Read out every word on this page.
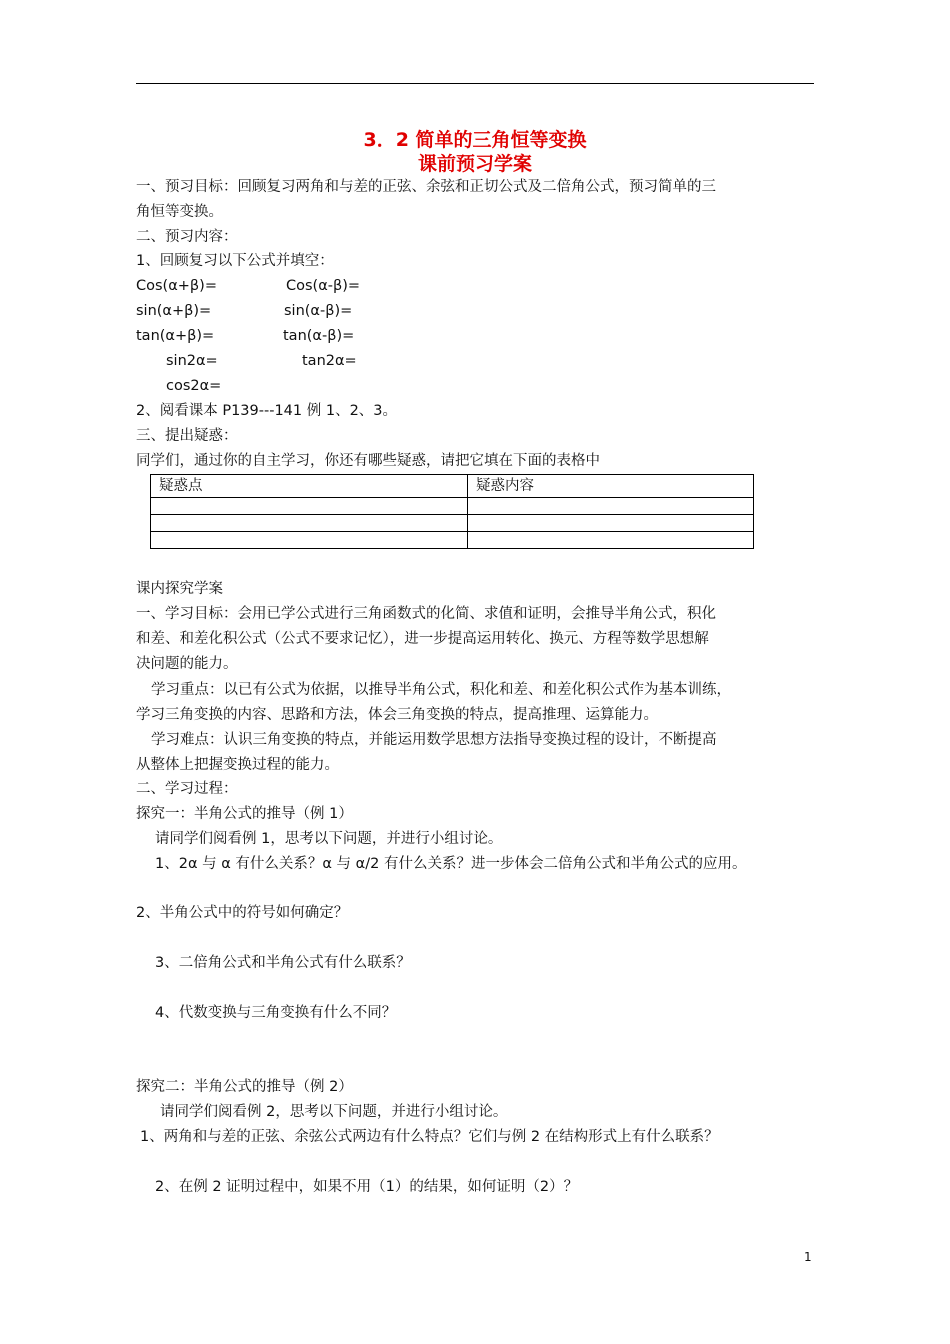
3．2 简单的三角恒等变换
课前预习学案
一、预习目标：回顾复习两角和与差的正弦、余弦和正切公式及二倍角公式，预习简单的三
角恒等变换。
二、预习内容：
1、回顾复习以下公式并填空：
Cos(α+β)=	Cos(α-β)=
sin(α+β)=	sin(α-β)=
tan(α+β)=	tan(α-β)=
sin2α=	tan2α=
cos2α=
2、阅看课本 P139---141 例 1、2、3。
三、提出疑惑：
同学们，通过你的自主学习，你还有哪些疑惑，请把它填在下面的表格中
疑惑点	疑惑内容

课内探究学案
一、学习目标：会用已学公式进行三角函数式的化简、求值和证明，会推导半角公式，积化
和差、和差化积公式（公式不要求记忆），进一步提高运用转化、换元、方程等数学思想解
决问题的能力。
学习重点：以已有公式为依据，以推导半角公式，积化和差、和差化积公式作为基本训练，
学习三角变换的内容、思路和方法，体会三角变换的特点，提高推理、运算能力。
学习难点：认识三角变换的特点，并能运用数学思想方法指导变换过程的设计，不断提高
从整体上把握变换过程的能力。
二、学习过程：
探究一：半角公式的推导（例 1）
请同学们阅看例 1，思考以下问题，并进行小组讨论。
1、2α 与 α 有什么关系？α 与 α/2 有什么关系？进一步体会二倍角公式和半角公式的应用。
2、半角公式中的符号如何确定？
3、二倍角公式和半角公式有什么联系？
4、代数变换与三角变换有什么不同？
探究二：半角公式的推导（例 2）
请同学们阅看例 2，思考以下问题，并进行小组讨论。
1、两角和与差的正弦、余弦公式两边有什么特点？它们与例 2 在结构形式上有什么联系？
2、在例 2 证明过程中，如果不用（1）的结果，如何证明（2）？
1
